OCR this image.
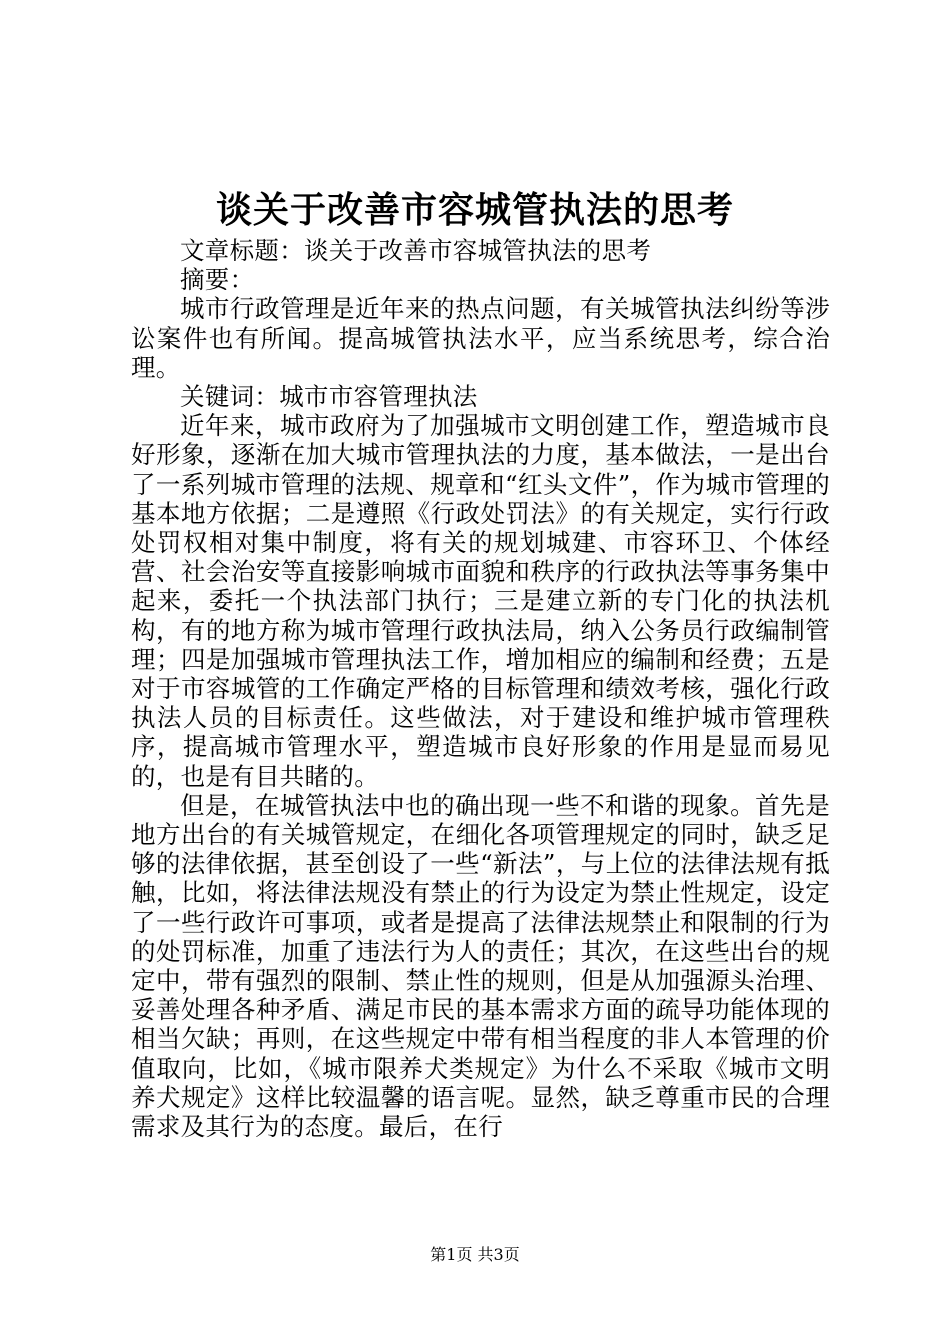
谈关于改善市容城管执法的思考

文章标题：谈关于改善市容城管执法的思考

摘要：

城市行政管理是近年来的热点问题，有关城管执法纠纷等涉讼案件也有所闻。提高城管执法水平，应当系统思考，综合治理。

关键词：城市市容管理执法

近年来，城市政府为了加强城市文明创建工作，塑造城市良好形象，逐渐在加大城市管理执法的力度，基本做法，一是出台了一系列城市管理的法规、规章和“红头文件”，作为城市管理的基本地方依据；二是遵照《行政处罚法》的有关规定，实行行政处罚权相对集中制度，将有关的规划城建、市容环卫、个体经营、社会治安等直接影响城市面貌和秩序的行政执法等事务集中起来，委托一个执法部门执行；三是建立新的专门化的执法机构，有的地方称为城市管理行政执法局，纳入公务员行政编制管理；四是加强城市管理执法工作，增加相应的编制和经费；五是对于市容城管的工作确定严格的目标管理和绩效考核，强化行政执法人员的目标责任。这些做法，对于建设和维护城市管理秩序，提高城市管理水平，塑造城市良好形象的作用是显而易见的，也是有目共睹的。

但是，在城管执法中也的确出现一些不和谐的现象。首先是地方出台的有关城管规定，在细化各项管理规定的同时，缺乏足够的法律依据，甚至创设了一些“新法”，与上位的法律法规有抵触，比如，将法律法规没有禁止的行为设定为禁止性规定，设定了一些行政许可事项，或者是提高了法律法规禁止和限制的行为的处罚标准，加重了违法行为人的责任；其次，在这些出台的规定中，带有强烈的限制、禁止性的规则，但是从加强源头治理、妥善处理各种矛盾、满足市民的基本需求方面的疏导功能体现的相当欠缺；再则，在这些规定中带有相当程度的非人本管理的价值取向，比如，《城市限养犬类规定》为什么不采取《城市文明养犬规定》这样比较温馨的语言呢。显然，缺乏尊重市民的合理需求及其行为的态度。最后，在行

第1页 共3页
